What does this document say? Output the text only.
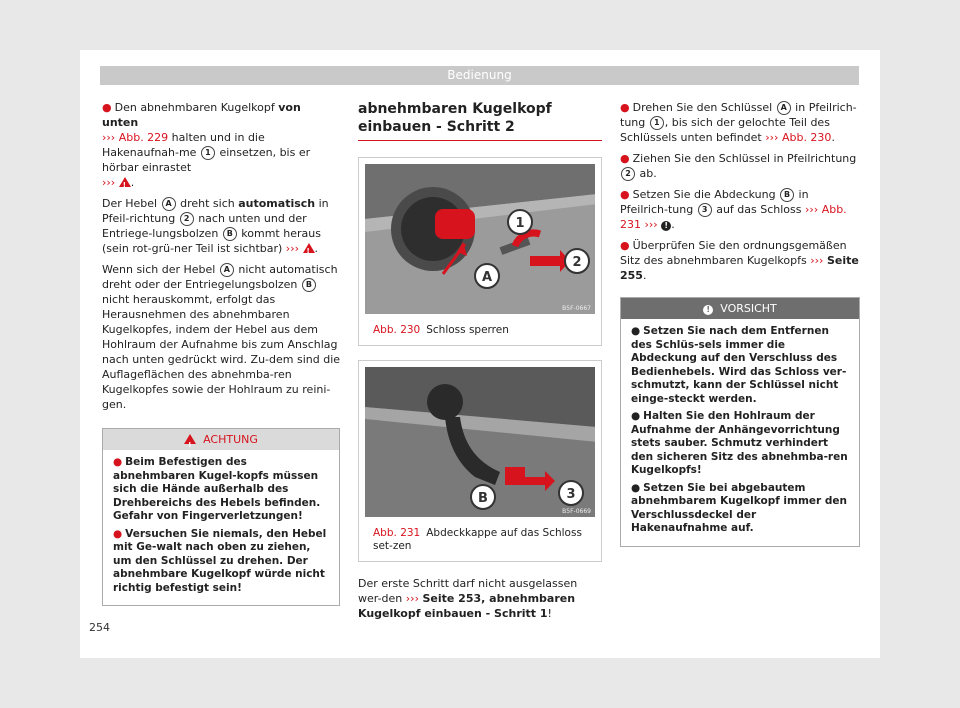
Bedienung

● Den abnehmbaren Kugelkopf von unten
››› Abb. 229 halten und in die Hakenaufnah-me 1 einsetzen, bis er hörbar einrastet
››› ! .

Der Hebel A dreht sich automatisch in Pfeil-richtung 2 nach unten und der Entriege-lungsbolzen B kommt heraus (sein rot-grü-ner Teil ist sichtbar) ››› ! .

Wenn sich der Hebel A nicht automatisch dreht oder der Entriegelungsbolzen B nicht herauskommt, erfolgt das Herausnehmen des abnehmbaren Kugelkopfes, indem der Hebel aus dem Hohlraum der Aufnahme bis zum Anschlag nach unten gedrückt wird. Zu-dem sind die Auflageflächen des abnehmba-ren Kugelkopfes sowie der Hohlraum zu reini-gen.

!  ACHTUNG

● Beim Befestigen des abnehmbaren Kugel-kopfs müssen sich die Hände außerhalb des Drehbereichs des Hebels befinden. Gefahr von Fingerverletzungen!

● Versuchen Sie niemals, den Hebel mit Ge-walt nach oben zu ziehen, um den Schlüssel zu drehen. Der abnehmbare Kugelkopf würde nicht richtig befestigt sein!

abnehmbaren Kugelkopf einbauen - Schritt 2
1
2
A
B5F-0667
Abb. 230 Schloss sperren
B	3
B5F-0669
Abb. 231 Abdeckkappe auf das Schloss set-zen

Der erste Schritt darf nicht ausgelassen wer-den ››› Seite 253, abnehmbaren Kugelkopf einbauen - Schritt 1!

● Drehen Sie den Schlüssel A in Pfeilrich-tung 1 , bis sich der gelochte Teil des Schlüssels unten befindet ››› Abb. 230.

● Ziehen Sie den Schlüssel in Pfeilrichtung 2 ab.

● Setzen Sie die Abdeckung B in Pfeilrich-tung 3 auf das Schloss ››› Abb. 231 ››› ! .

● Überprüfen Sie den ordnungsgemäßen Sitz des abnehmbaren Kugelkopfs ››› Seite 255.

! VORSICHT

● Setzen Sie nach dem Entfernen des Schlüs-sels immer die Abdeckung auf den Verschluss des Bedienhebels. Wird das Schloss ver-schmutzt, kann der Schlüssel nicht einge-steckt werden.

● Halten Sie den Hohlraum der Aufnahme der Anhängevorrichtung stets sauber. Schmutz verhindert den sicheren Sitz des abnehmba-ren Kugelkopfs!

● Setzen Sie bei abgebautem abnehmbarem Kugelkopf immer den Verschlussdeckel der Hakenaufnahme auf.

254
